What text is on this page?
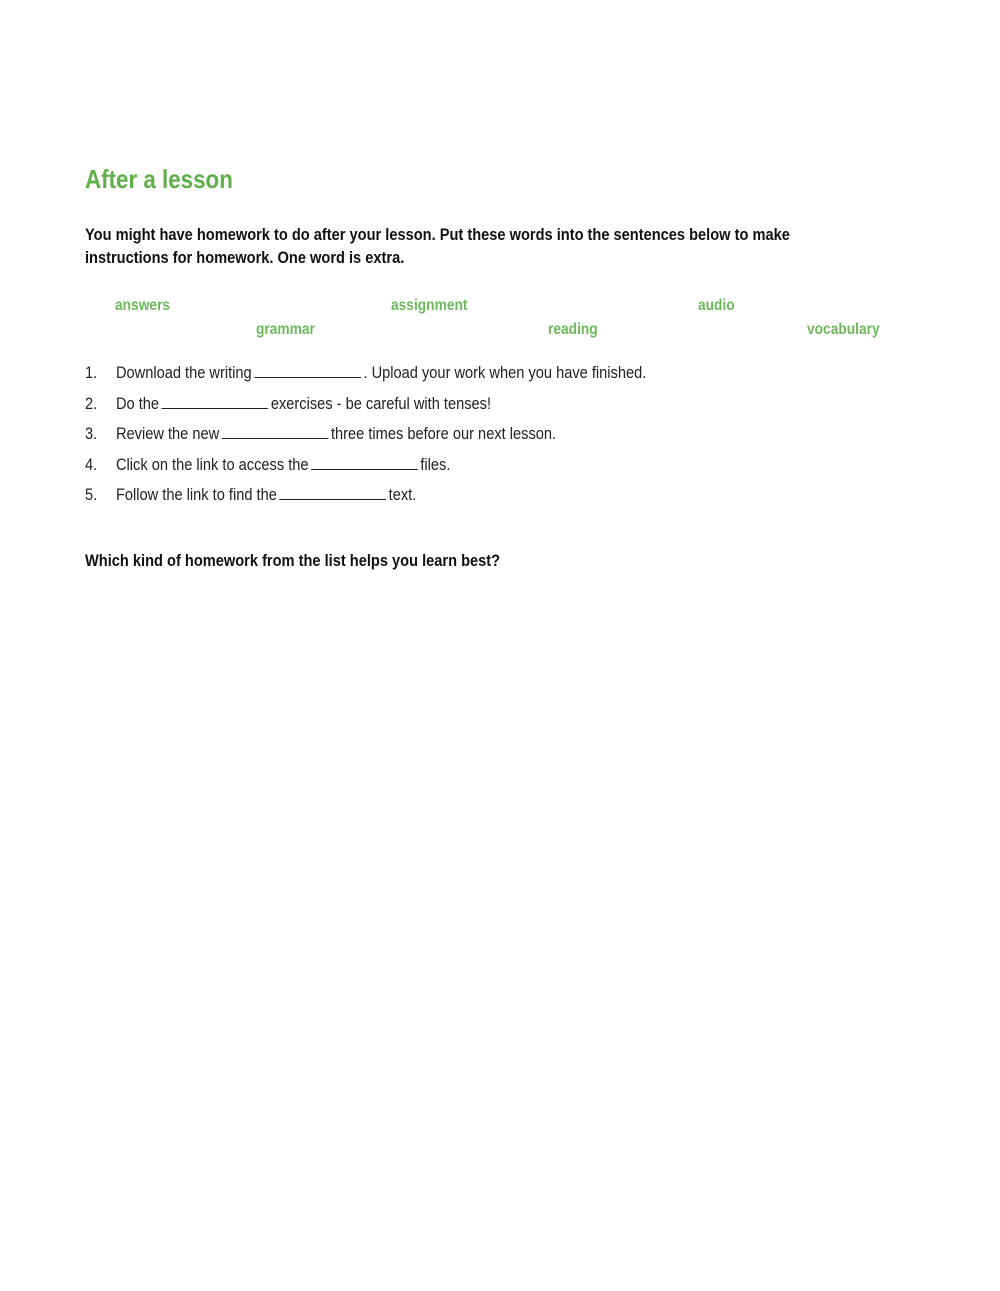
After a lesson

You might have homework to do after your lesson. Put these words into the sentences below to make instructions for homework. One word is extra.

answers	assignment	audio
grammar	reading	vocabulary
1. Download the writing	. Upload your work when you have finished.
2. Do the	exercises - be careful with tenses!
3. Review the new	three times before our next lesson.
4. Click on the link to access the	files.
5. Follow the link to find the	text.

Which kind of homework from the list helps you learn best?
